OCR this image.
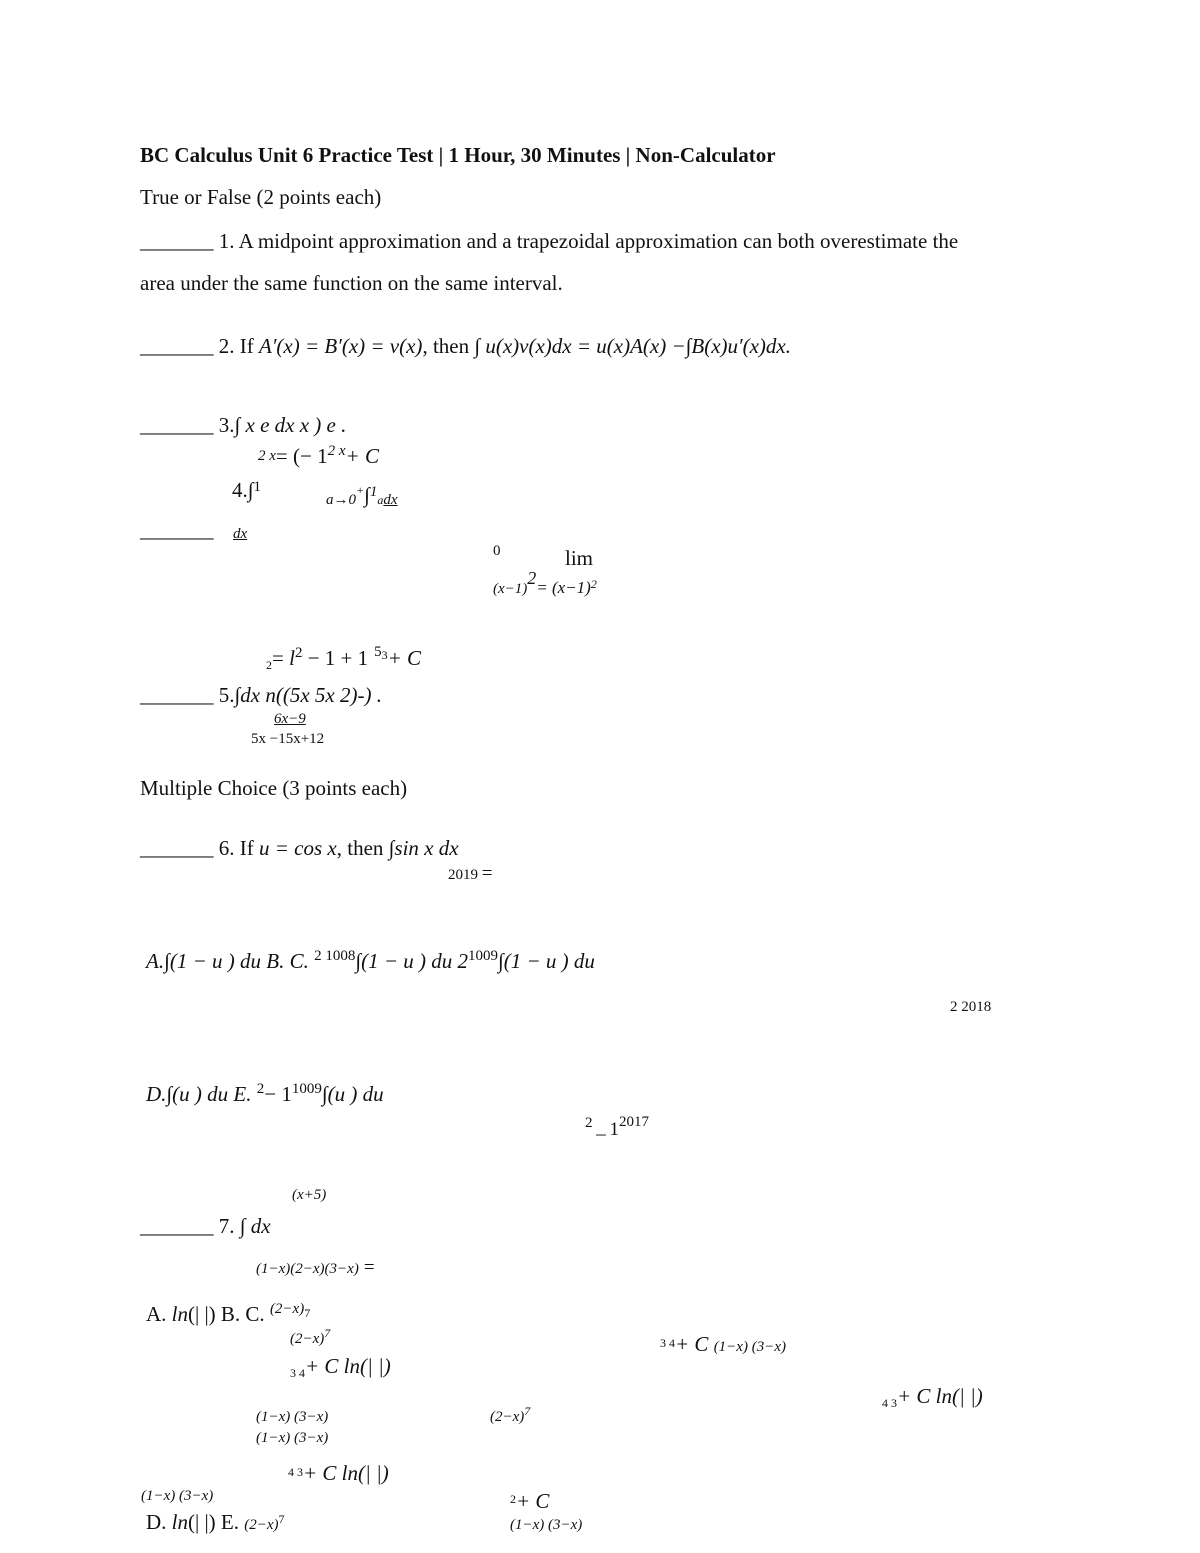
BC Calculus Unit 6 Practice Test | 1 Hour, 30 Minutes | Non-Calculator
True or False (2 points each)
_______ 1. A midpoint approximation and a trapezoidal approximation can both overestimate the
area under the same function on the same interval.
_______ 2. If A′(x) = B′(x) = v(x), then ∫ u(x)v(x)dx = u(x)A(x) −∫B(x)u′(x)dx.
_______ 3.∫ x e dx x ) e .
2 x= (− $1^{2 x}+ C$
4.∫$^1$
a→0+∫1adx
_______ dx
0	lim
$(x-1)2= (x-1)^2$
$2= l^2 - 1 + 1$ $^{53}$+ C
_______ 5.∫dx n((5x 5x 2)-) .
6x−9
5x −15x+12
Multiple Choice (3 points each)
_______ 6. If u = cos x, then ∫sin x dx
2019 =
A.∫(1 − u ) du B. C. $^{2 1008}$∫(1 − u ) du $2^{1009}\int(1 - u$ ) du
2 2018
D.∫(u ) du E. $^2- 1^{1009}\int(u$ ) du
2 _ 12017
(x+5)
_______ 7. ∫ dx
(1−x)(2−x)(3−x) =
A. ln(| |) B. C. $^{(2-x)}$7
$(2-x)^7$
3 4+ C (1−x) (3−x)
3 4+ C ln(| |)
4 3+ C ln(| |)
(1−x) (3−x)	$(2-x)^7$
(1−x) (3−x)
4 3+ C ln(| |)
(1−x) (3−x)	$^2$+ C
D. ln(| |) E. $(2-x)^7$	(1−x) (3−x)
